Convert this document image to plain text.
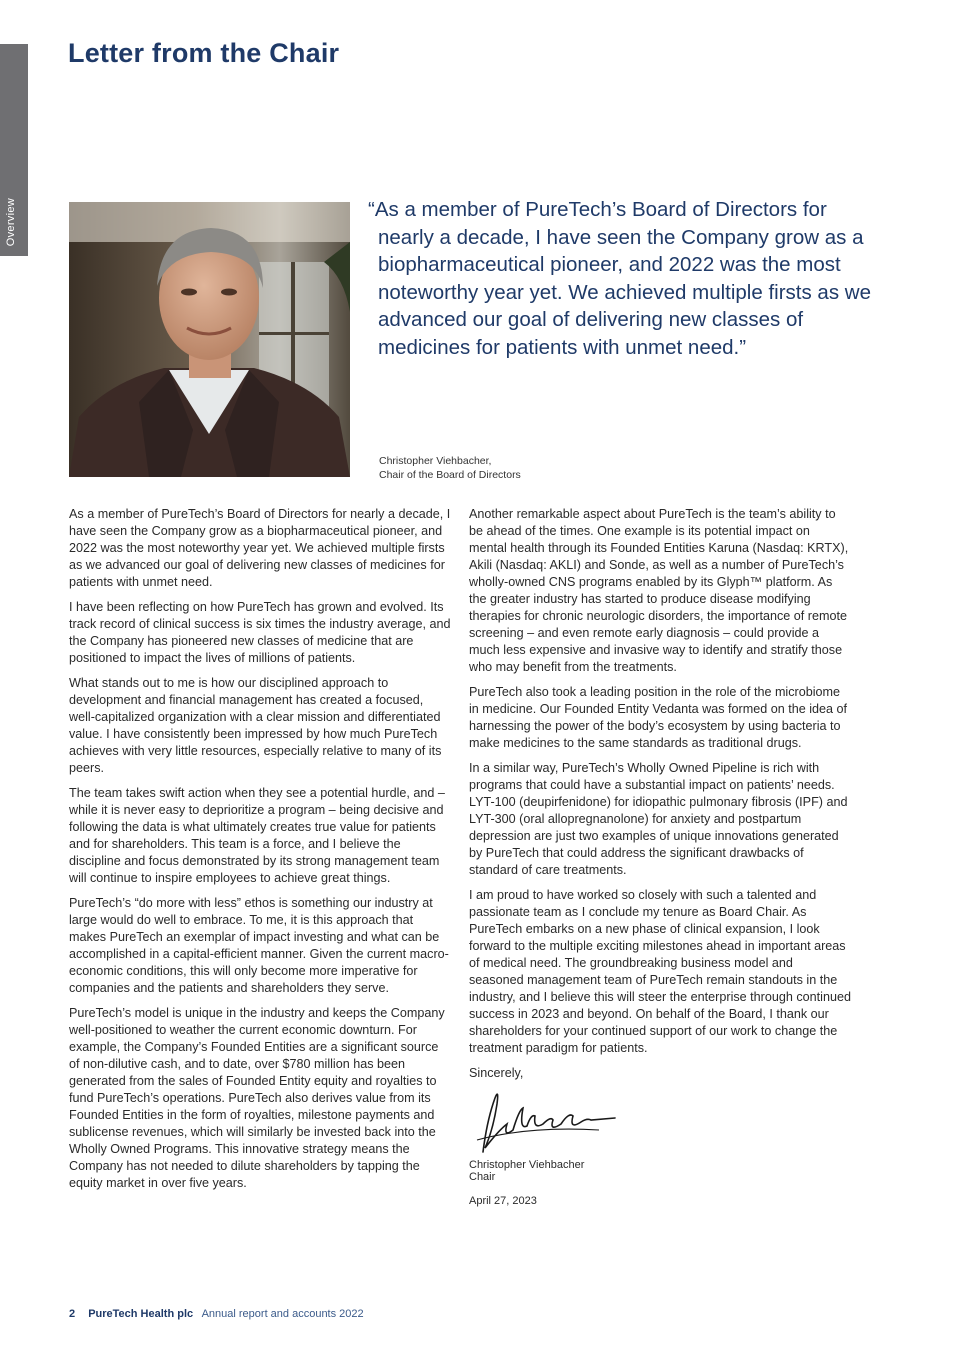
Overview
Letter from the Chair

“As a member of PureTech’s Board of Directors for nearly a decade, I have seen the Company grow as a biopharmaceutical pioneer, and 2022 was the most noteworthy year yet. We achieved multiple firsts as we advanced our goal of delivering new classes of medicines for patients with unmet need.”

Christopher Viehbacher,
Chair of the Board of Directors

As a member of PureTech’s Board of Directors for nearly a decade, I have seen the Company grow as a biopharmaceutical pioneer, and 2022 was the most noteworthy year yet. We achieved multiple firsts as we advanced our goal of delivering new classes of medicines for patients with unmet need.

I have been reflecting on how PureTech has grown and evolved. Its track record of clinical success is six times the industry average, and the Company has pioneered new classes of medicine that are positioned to impact the lives of millions of patients.

What stands out to me is how our disciplined approach to development and financial management has created a focused, well-capitalized organization with a clear mission and differentiated value. I have consistently been impressed by how much PureTech achieves with very little resources, especially relative to many of its peers.

The team takes swift action when they see a potential hurdle, and – while it is never easy to deprioritize a program – being decisive and following the data is what ultimately creates true value for patients and for shareholders. This team is a force, and I believe the discipline and focus demonstrated by its strong management team will continue to inspire employees to achieve great things.

PureTech’s “do more with less” ethos is something our industry at large would do well to embrace. To me, it is this approach that makes PureTech an exemplar of impact investing and what can be accomplished in a capital-efficient manner. Given the current macro-economic conditions, this will only become more imperative for companies and the patients and shareholders they serve.

PureTech’s model is unique in the industry and keeps the Company well-positioned to weather the current economic downturn. For example, the Company’s Founded Entities are a significant source of non-dilutive cash, and to date, over $780 million has been generated from the sales of Founded Entity equity and royalties to fund PureTech’s operations. PureTech also derives value from its Founded Entities in the form of royalties, milestone payments and sublicense revenues, which will similarly be invested back into the Wholly Owned Programs. This innovative strategy means the Company has not needed to dilute shareholders by tapping the equity market in over five years.

Another remarkable aspect about PureTech is the team’s ability to be ahead of the times. One example is its potential impact on mental health through its Founded Entities Karuna (Nasdaq: KRTX), Akili (Nasdaq: AKLI) and Sonde, as well as a number of PureTech’s wholly-owned CNS programs enabled by its Glyph™ platform. As the greater industry has started to produce disease modifying therapies for chronic neurologic disorders, the importance of remote screening – and even remote early diagnosis – could provide a much less expensive and invasive way to identify and stratify those who may benefit from the treatments.

PureTech also took a leading position in the role of the microbiome in medicine. Our Founded Entity Vedanta was formed on the idea of harnessing the power of the body’s ecosystem by using bacteria to make medicines to the same standards as traditional drugs.

In a similar way, PureTech’s Wholly Owned Pipeline is rich with programs that could have a substantial impact on patients’ needs. LYT-100 (deupirfenidone) for idiopathic pulmonary fibrosis (IPF) and LYT-300 (oral allopregnanolone) for anxiety and postpartum depression are just two examples of unique innovations generated by PureTech that could address the significant drawbacks of standard of care treatments.

I am proud to have worked so closely with such a talented and passionate team as I conclude my tenure as Board Chair. As PureTech embarks on a new phase of clinical expansion, I look forward to the multiple exciting milestones ahead in important areas of medical need. The groundbreaking business model and seasoned management team of PureTech remain standouts in the industry, and I believe this will steer the enterprise through continued success in 2023 and beyond. On behalf of the Board, I thank our shareholders for your continued support of our work to change the treatment paradigm for patients.

Sincerely,

Christopher Viehbacher
Chair
April 27, 2023
2 PureTech Health plc Annual report and accounts 2022
